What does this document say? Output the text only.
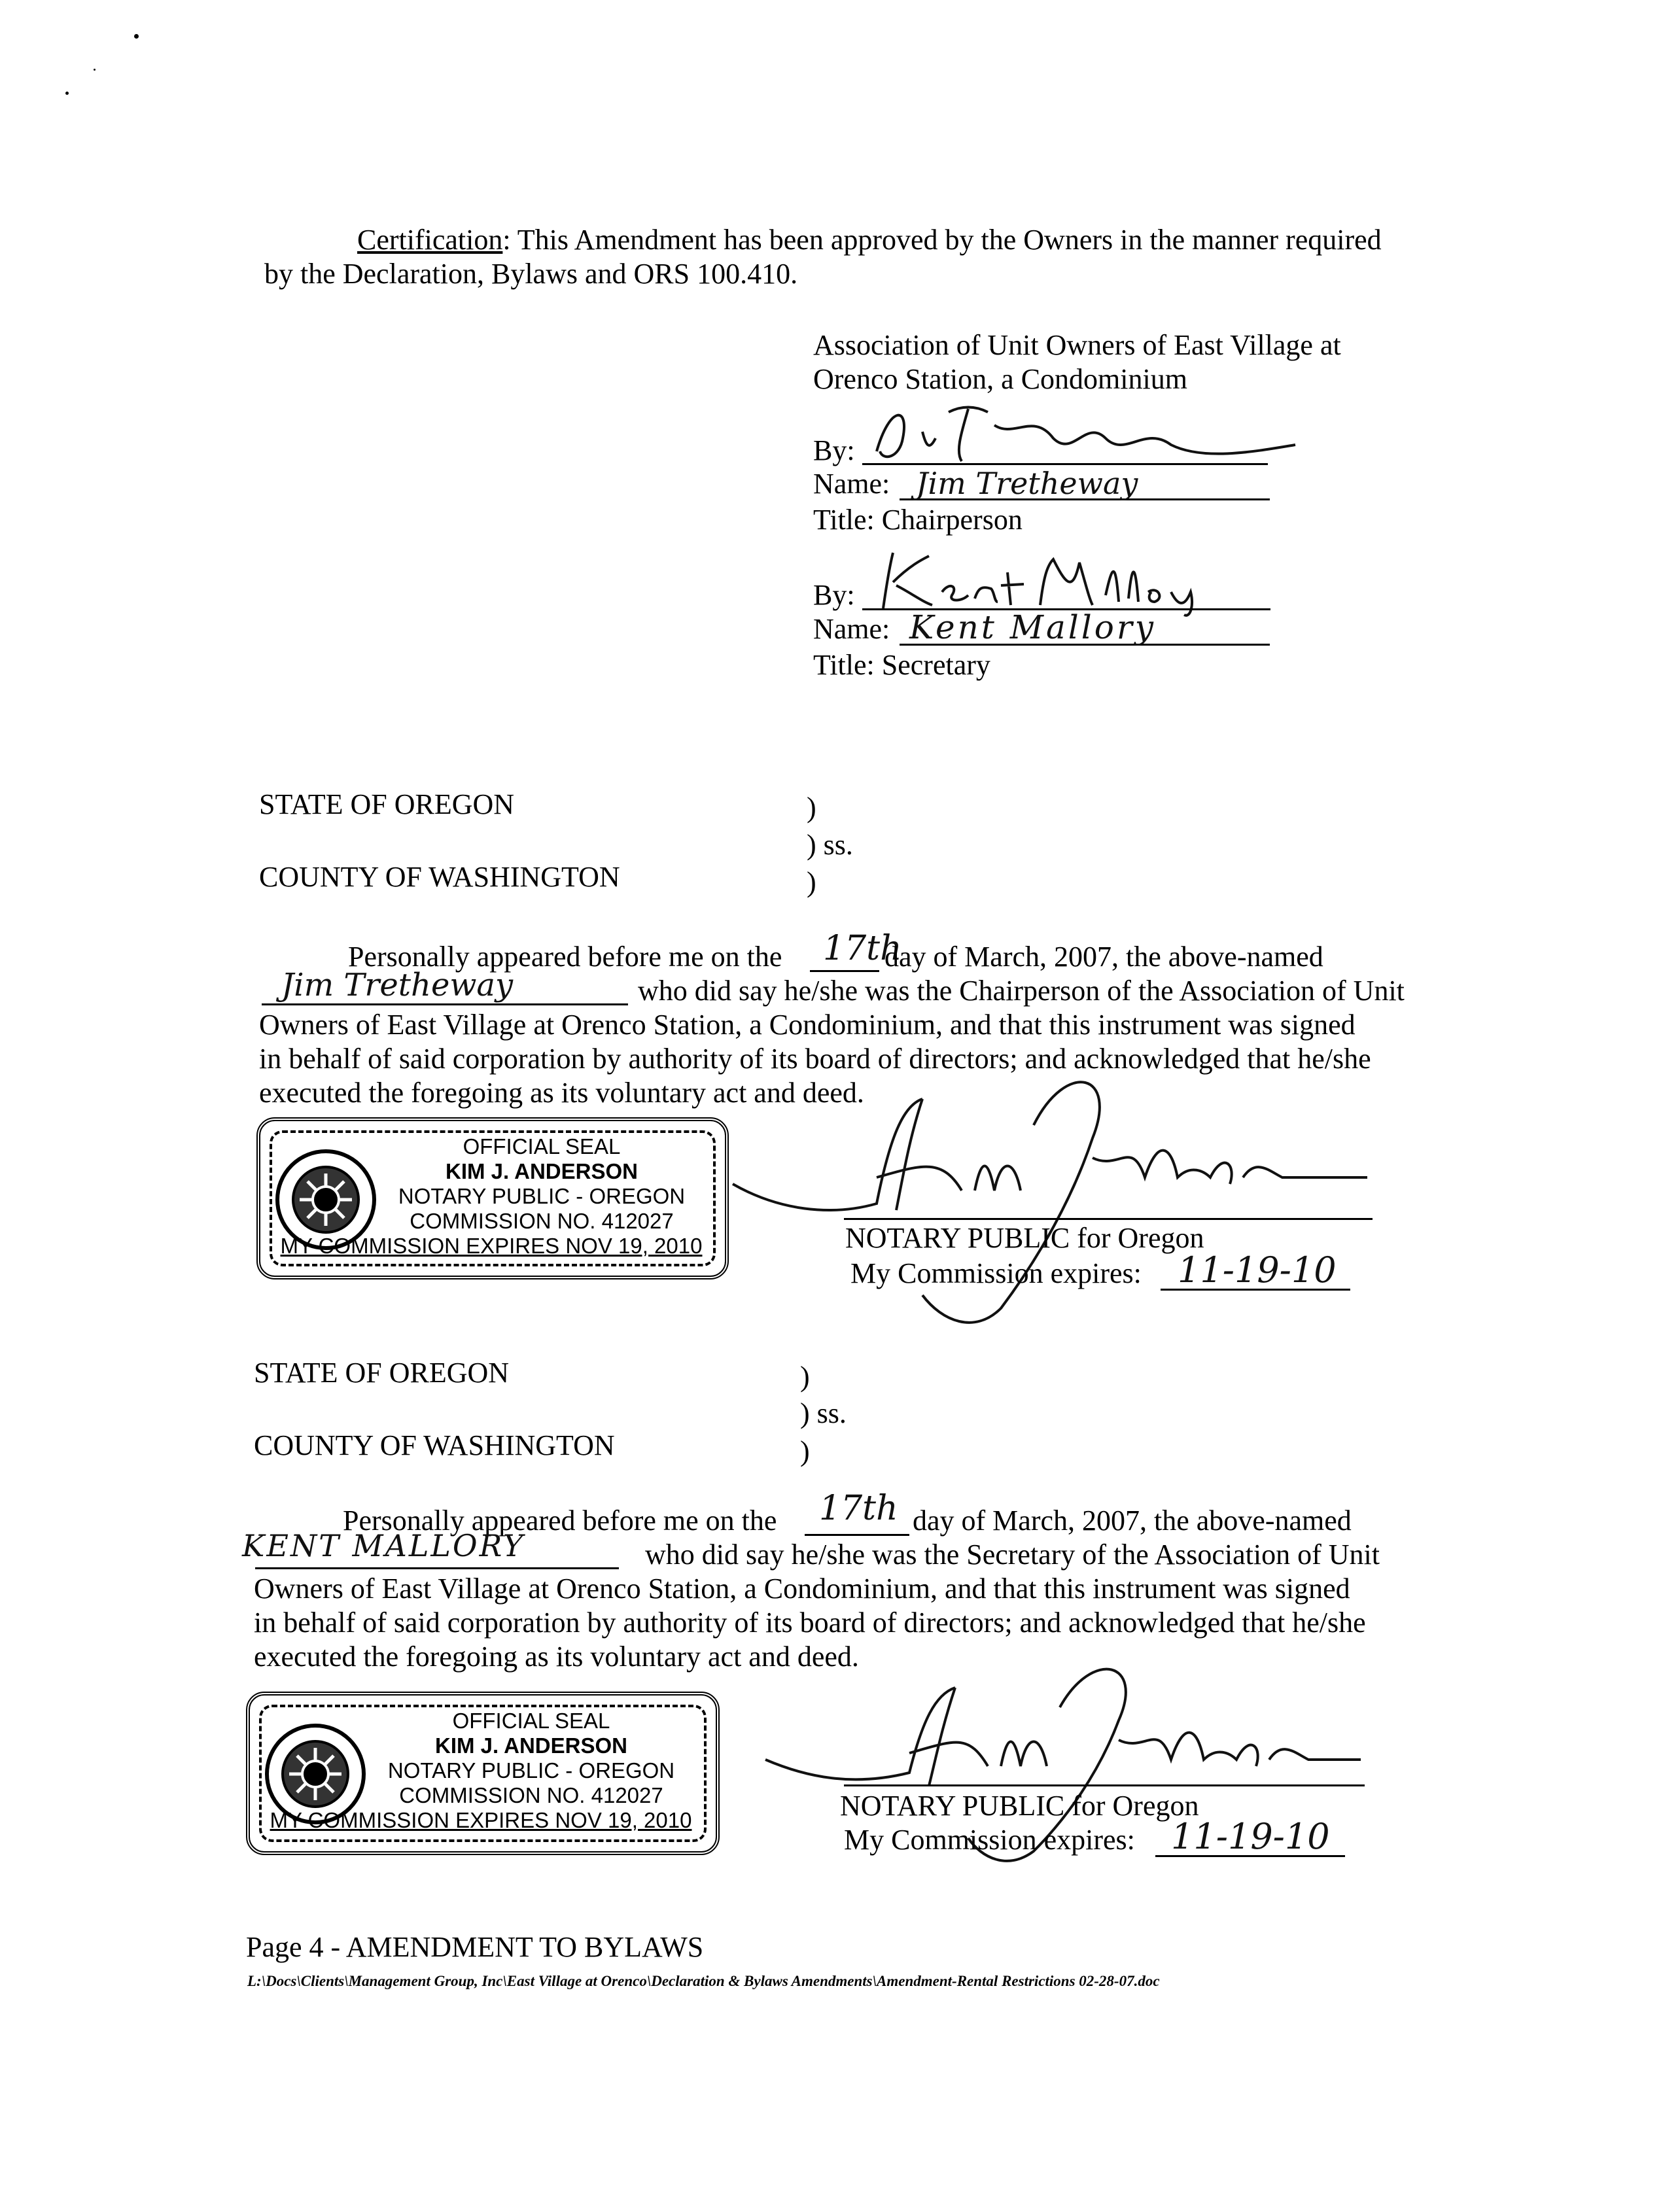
Certification: This Amendment has been approved by the Owners in the manner required
by the Declaration, Bylaws and ORS 100.410.
Association of Unit Owners of East Village at
Orenco Station, a Condominium
By:
Name: Jim Tretheway
Title: Chairperson
By:
Name: Kent Mallory
Title: Secretary
STATE OF OREGON	)
) ss.
COUNTY OF WASHINGTON	)
Personally appeared before me on the 17th
day of March, 2007, the above-named
Jim Tretheway	who did say he/she was the Chairperson of the Association of Unit
Owners of East Village at Orenco Station, a Condominium, and that this instrument was signed
in behalf of said corporation by authority of its board of directors; and acknowledged that he/she
executed the foregoing as its voluntary act and deed.
OFFICIAL SEAL
KIM J. ANDERSON
NOTARY PUBLIC - OREGON
COMMISSION NO. 412027
MY COMMISSION EXPIRES NOV 19, 2010	NOTARY PUBLIC for Oregon
My Commission expires: 11-19-10
STATE OF OREGON	)
) ss.
COUNTY OF WASHINGTON	)
Personally appeared before me on the 17th day of March, 2007, the above-named
KENT MALLORY	who did say he/she was the Secretary of the Association of Unit
Owners of East Village at Orenco Station, a Condominium, and that this instrument was signed
in behalf of said corporation by authority of its board of directors; and acknowledged that he/she
executed the foregoing as its voluntary act and deed.
OFFICIAL SEAL
KIM J. ANDERSON
NOTARY PUBLIC - OREGON
COMMISSION NO. 412027
MY COMMISSION EXPIRES NOV 19, 2010	NOTARY PUBLIC for Oregon
My Commission expires: 11-19-10
Page 4 - AMENDMENT TO BYLAWS
L:\Docs\Clients\Management Group, Inc\East Village at Orenco\Declaration & Bylaws Amendments\Amendment-Rental Restrictions 02-28-07.doc
